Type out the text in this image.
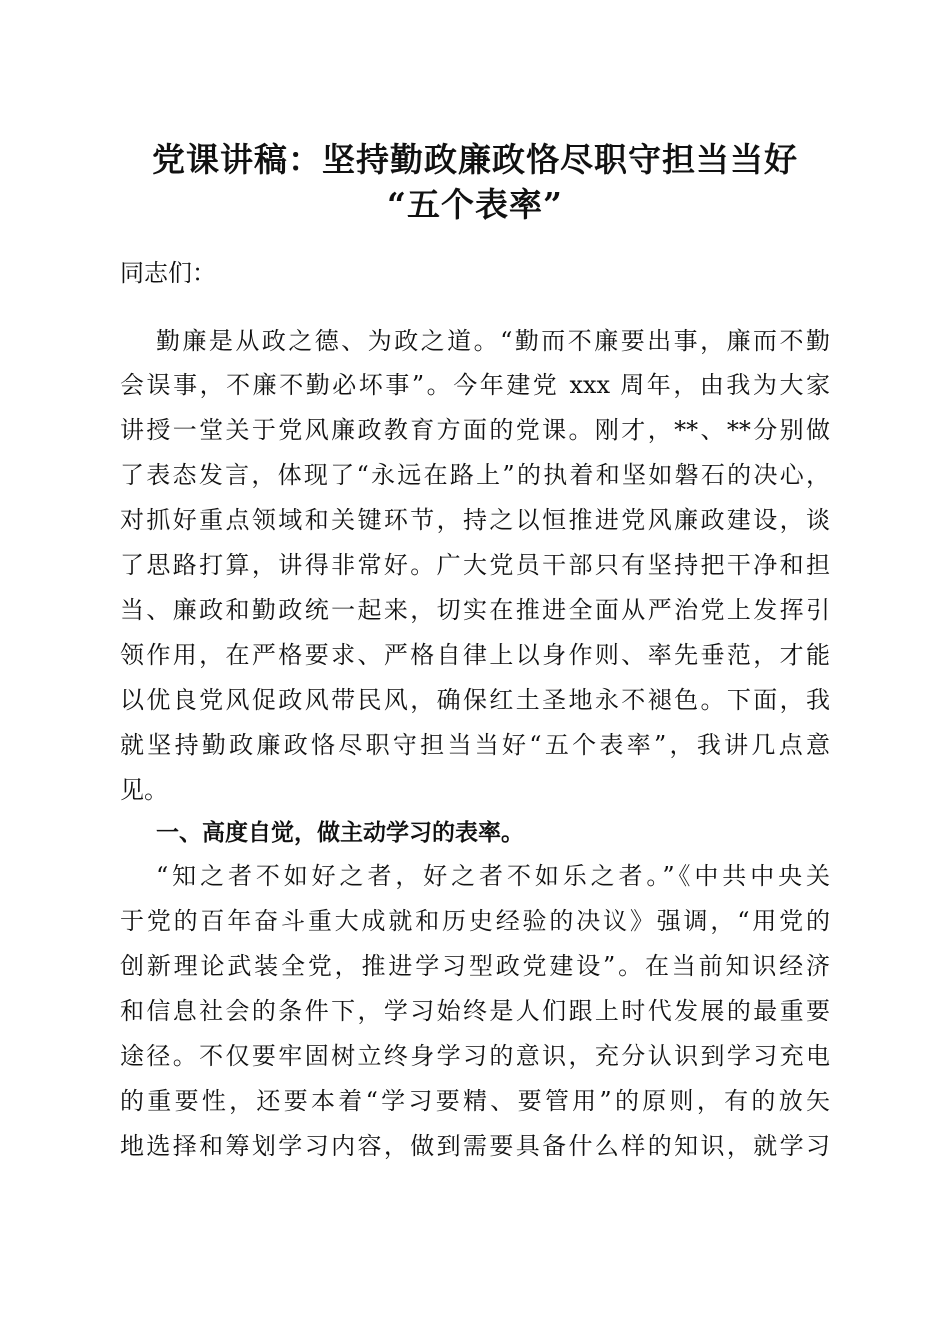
党课讲稿：坚持勤政廉政恪尽职守担当当好
“五个表率”
同志们：
勤廉是从政之德、为政之道。“勤而不廉要出事，廉而不勤
会误事，不廉不勤必坏事”。今年建党 xxx 周年，由我为大家
讲授一堂关于党风廉政教育方面的党课。刚才，**、**分别做
了表态发言，体现了“永远在路上”的执着和坚如磐石的决心，
对抓好重点领域和关键环节，持之以恒推进党风廉政建设，谈
了思路打算，讲得非常好。广大党员干部只有坚持把干净和担
当、廉政和勤政统一起来，切实在推进全面从严治党上发挥引
领作用，在严格要求、严格自律上以身作则、率先垂范，才能
以优良党风促政风带民风，确保红土圣地永不褪色。下面，我
就坚持勤政廉政恪尽职守担当当好“五个表率”，我讲几点意
见。
一、高度自觉，做主动学习的表率。
“知之者不如好之者，好之者不如乐之者。”《中共中央关
于党的百年奋斗重大成就和历史经验的决议》强调，“用党的
创新理论武装全党，推进学习型政党建设”。在当前知识经济
和信息社会的条件下，学习始终是人们跟上时代发展的最重要
途径。不仅要牢固树立终身学习的意识，充分认识到学习充电
的重要性，还要本着“学习要精、要管用”的原则，有的放矢
地选择和筹划学习内容，做到需要具备什么样的知识，就学习
